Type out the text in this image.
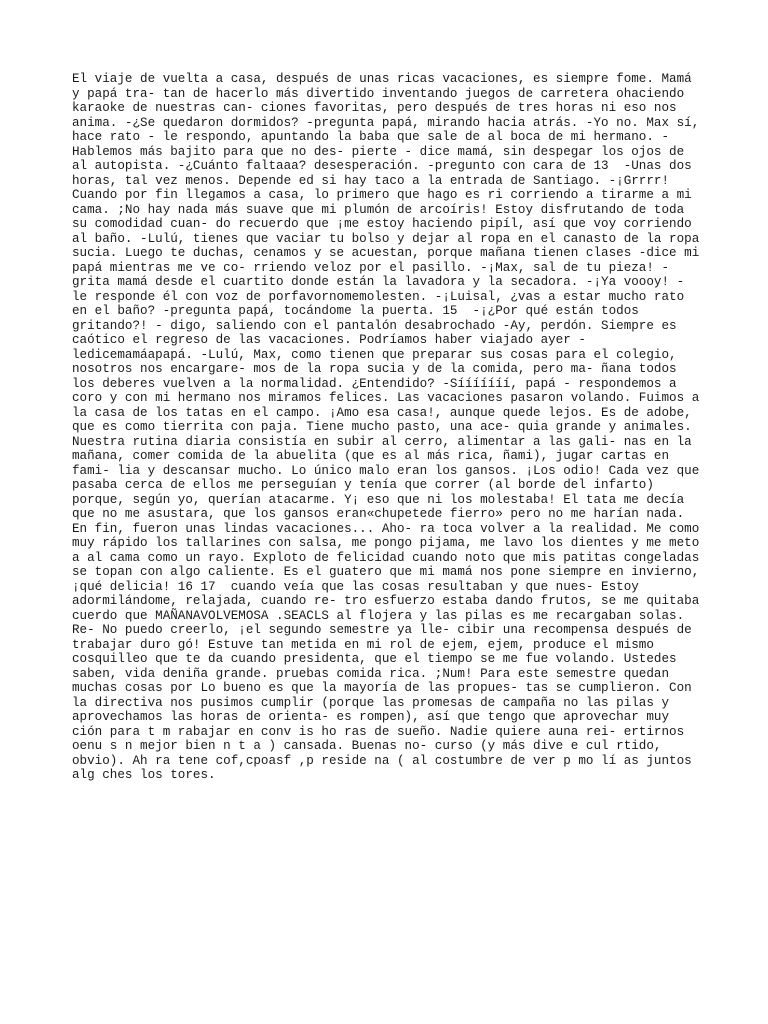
El viaje de vuelta a casa, después de unas ricas vacaciones, es siempre fome. Mamá
y papá tra- tan de hacerlo más divertido inventando juegos de carretera ohaciendo
karaoke de nuestras can- ciones favoritas, pero después de tres horas ni eso nos
anima. -¿Se quedaron dormidos? -pregunta papá, mirando hacia atrás. -Yo no. Max sí,
hace rato - le respondo, apuntando la baba que sale de al boca de mi hermano. -
Hablemos más bajito para que no des- pierte - dice mamá, sin despegar los ojos de
al autopista. -¿Cuánto faltaaa? desesperación. -pregunto con cara de 13  -Unas dos
horas, tal vez menos. Depende ed si hay taco a la entrada de Santiago. -¡Grrrr!
Cuando por fin llegamos a casa, lo primero que hago es ri corriendo a tirarme a mi
cama. ;No hay nada más suave que mi plumón de arcoíris! Estoy disfrutando de toda
su comodidad cuan- do recuerdo que ¡me estoy haciendo pipíl, así que voy corriendo
al baño. -Lulú, tienes que vaciar tu bolso y dejar al ropa en el canasto de la ropa
sucia. Luego te duchas, cenamos y se acuestan, porque mañana tienen clases -dice mi
papá mientras me ve co- rriendo veloz por el pasillo. -¡Max, sal de tu pieza! -
grita mamá desde el cuartito donde están la lavadora y la secadora. -¡Ya voooy! -
le responde él con voz de porfavornomemolesten. -¡Luisal, ¿vas a estar mucho rato
en el baño? -pregunta papá, tocándome la puerta. 15  -¡¿Por qué están todos
gritando?! - digo, saliendo con el pantalón desabrochado -Ay, perdón. Siempre es
caótico el regreso de las vacaciones. Podríamos haber viajado ayer -
ledicemamáapapá. -Lulú, Max, como tienen que preparar sus cosas para el colegio,
nosotros nos encargare- mos de la ropa sucia y de la comida, pero ma- ñana todos
los deberes vuelven a la normalidad. ¿Entendido? -Sííííííí, papá - respondemos a
coro y con mi hermano nos miramos felices. Las vacaciones pasaron volando. Fuimos a
la casa de los tatas en el campo. ¡Amo esa casa!, aunque quede lejos. Es de adobe,
que es como tierrita con paja. Tiene mucho pasto, una ace- quia grande y animales.
Nuestra rutina diaria consistía en subir al cerro, alimentar a las gali- nas en la
mañana, comer comida de la abuelita (que es al más rica, ñami), jugar cartas en
fami- lia y descansar mucho. Lo único malo eran los gansos. ¡Los odio! Cada vez que
pasaba cerca de ellos me perseguían y tenía que correr (al borde del infarto)
porque, según yo, querían atacarme. Y¡ eso que ni los molestaba! El tata me decía
que no me asustara, que los gansos eran«chupetede fierro» pero no me harían nada.
En fin, fueron unas lindas vacaciones... Aho- ra toca volver a la realidad. Me como
muy rápido los tallarines con salsa, me pongo pijama, me lavo los dientes y me meto
a al cama como un rayo. Exploto de felicidad cuando noto que mis patitas congeladas
se topan con algo caliente. Es el guatero que mi mamá nos pone siempre en invierno,
¡qué delicia! 16 17  cuando veía que las cosas resultaban y que nues- Estoy
adormilándome, relajada, cuando re- tro esfuerzo estaba dando frutos, se me quitaba
cuerdo que MAÑANAVOLVEMOSA .SEACLS al flojera y las pilas es me recargaban solas.
Re- No puedo creerlo, ¡el segundo semestre ya lle- cibir una recompensa después de
trabajar duro gó! Estuve tan metida en mi rol de ejem, ejem, produce el mismo
cosquilleo que te da cuando presidenta, que el tiempo se me fue volando. Ustedes
saben, vida deniña grande. pruebas comida rica. ;Num! Para este semestre quedan
muchas cosas por Lo bueno es que la mayoría de las propues- tas se cumplieron. Con
la directiva nos pusimos cumplir (porque las promesas de campaña no las pilas y
aprovechamos las horas de orienta- es rompen), así que tengo que aprovechar muy
ción para t m rabajar en conv is ho ras de sueño. Nadie quiere auna rei- ertirnos
oenu s n mejor bien n t a ) cansada. Buenas no- curso (y más dive e cul rtido,
obvio). Ah ra tene cof,cpoasf ,p reside na ( al costumbre de ver p mo lí as juntos
alg ches los tores.
